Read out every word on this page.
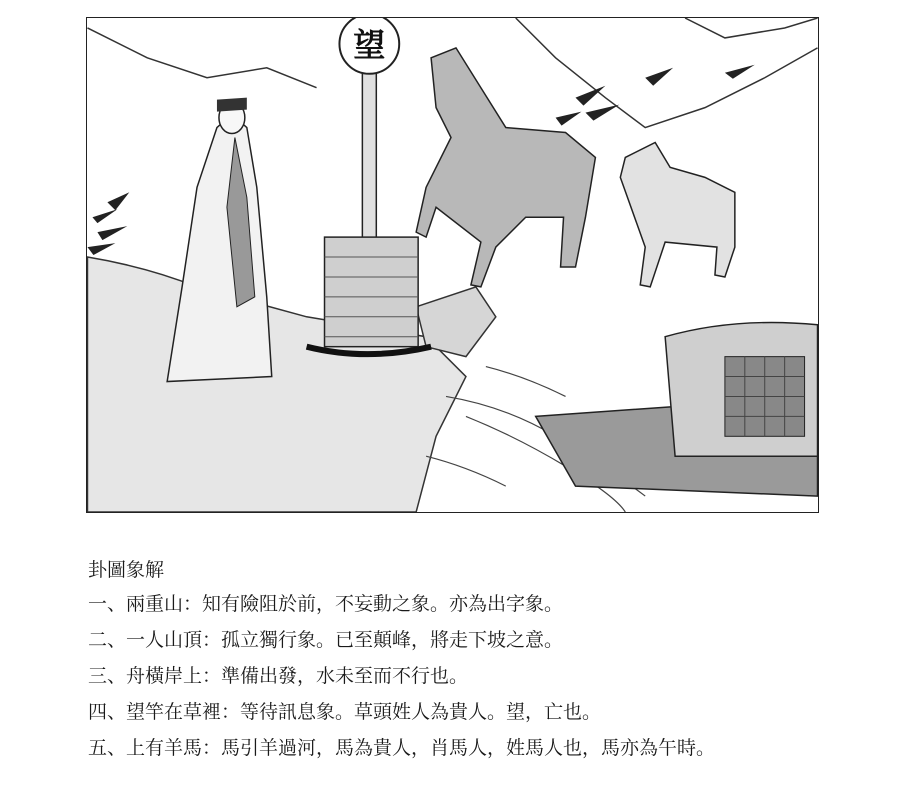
望

卦圖象解

一、兩重山：知有險阻於前，不妄動之象。亦為出字象。

二、一人山頂：孤立獨行象。已至顛峰，將走下坡之意。

三、舟橫岸上：準備出發，水未至而不行也。

四、望竿在草裡：等待訊息象。草頭姓人為貴人。望，亡也。

五、上有羊馬：馬引羊過河，馬為貴人，肖馬人，姓馬人也，馬亦為午時。
